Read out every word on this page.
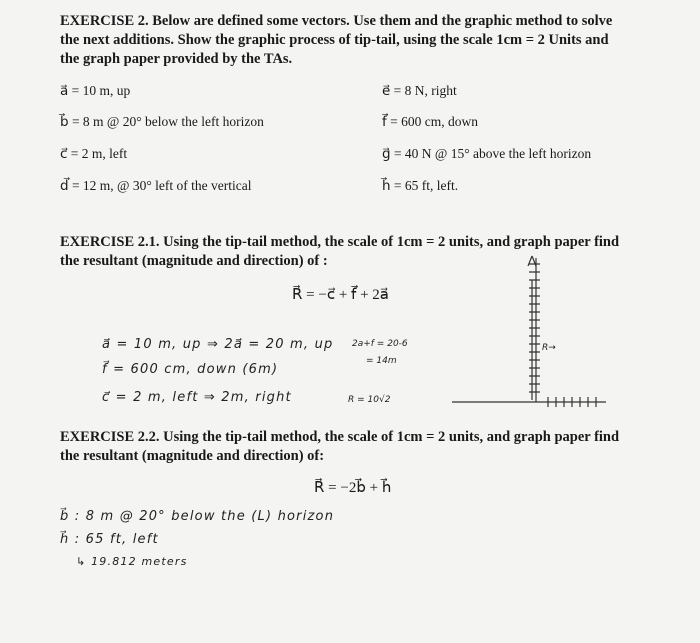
EXERCISE 2. Below are defined some vectors. Use them and the graphic method to solve
the next additions. Show the graphic process of tip-tail, using the scale 1cm = 2 Units and
the graph paper provided by the TAs.
a⃗ = 10 m, up
b⃗ = 8 m @ 20° below the left horizon
c⃗ = 2 m, left
d⃗ = 12 m, @ 30° left of the vertical
e⃗ = 8 N, right
f⃗ = 600 cm, down
g⃗ = 40 N @ 15° above the left horizon
h⃗ = 65 ft, left.
EXERCISE 2.1. Using the tip-tail method, the scale of 1cm = 2 units, and graph paper find
the resultant (magnitude and direction) of :
R⃗ = −c⃗ + f⃗ + 2a⃗
a⃗ = 10 m, up ⇒ 2a⃗ = 20 m, up
f⃗ = 600 cm, down (6m)
c⃗ = 2 m, left ⇒ 2m, right
2a+f = 20-6
= 14m
R = 10√2
R→
EXERCISE 2.2. Using the tip-tail method, the scale of 1cm = 2 units, and graph paper find
the resultant (magnitude and direction) of:
R⃗ = −2b⃗ + h⃗
b⃗ : 8 m @ 20° below the (L) horizon
h⃗ : 65 ft, left
↳ 19.812 meters
